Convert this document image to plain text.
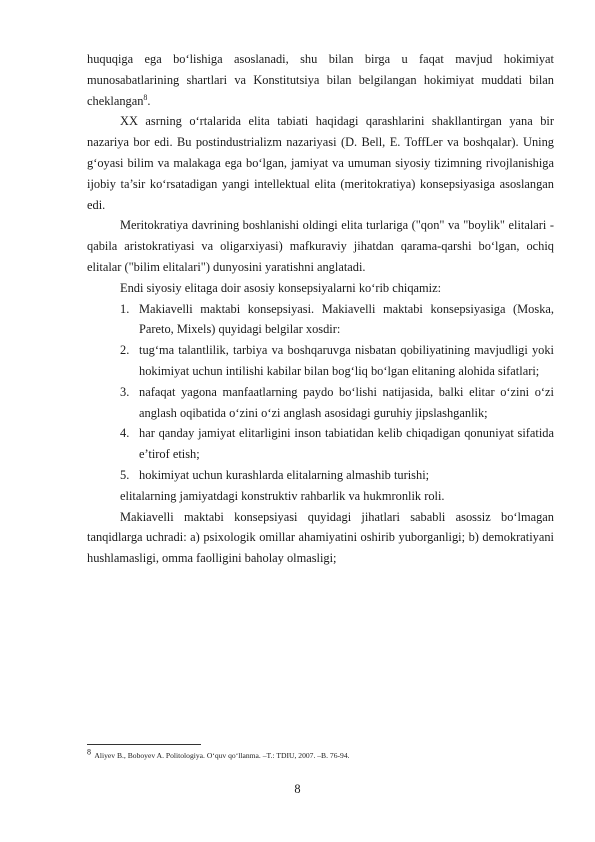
huquqiga ega bo‘lishiga asoslanadi, shu bilan birga u faqat mavjud hokimiyat munosabatlarining shartlari va Konstitutsiya bilan belgilangan hokimiyat muddati bilan cheklangan$^8$.

XX asrning o‘rtalarida elita tabiati haqidagi qarashlarini shakllantirgan yana bir nazariya bor edi. Bu postindustrializm nazariyasi (D. Bell, E. ToffLer va boshqalar). Uning g‘oyasi bilim va malakaga ega bo‘lgan, jamiyat va umuman siyosiy tizimning rivojlanishiga ijobiy ta’sir ko‘rsatadigan yangi intellektual elita (meritokratiya) konsepsiyasiga asoslangan edi.

Meritokratiya davrining boshlanishi oldingi elita turlariga ("qon" va "boylik" elitalari - qabila aristokratiyasi va oligarxiyasi) mafkuraviy jihatdan qarama-qarshi bo‘lgan, ochiq elitalar ("bilim elitalari") dunyosini yaratishni anglatadi.

Endi siyosiy elitaga doir asosiy konsepsiyalarni ko‘rib chiqamiz:

1. Makiavelli maktabi konsepsiyasi. Makiavelli maktabi konsepsiyasiga (Moska, Pareto, Mixels) quyidagi belgilar xosdir:
2. tug‘ma talantlilik, tarbiya va boshqaruvga nisbatan qobiliyatining mavjudligi yoki hokimiyat uchun intilishi kabilar bilan bog‘liq bo‘lgan elitaning alohida sifatlari;
3. nafaqat yagona manfaatlarning paydo bo‘lishi natijasida, balki elitar o‘zini o‘zi anglash oqibatida o‘zini o‘zi anglash asosidagi guruhiy jipslashganlik;
4. har qanday jamiyat elitarligini inson tabiatidan kelib chiqadigan qonuniyat sifatida e’tirof etish;
5. hokimiyat uchun kurashlarda elitalarning almashib turishi;

elitalarning jamiyatdagi konstruktiv rahbarlik va hukmronlik roli.

Makiavelli maktabi konsepsiyasi quyidagi jihatlari sababli asossiz bo‘lmagan tanqidlarga uchradi: a) psixologik omillar ahamiyatini oshirib yuborganligi; b) demokratiyani hushlamasligi, omma faolligini baholay olmasligi;

$^8$ Aliyev B., Boboyev A. Politologiya. O‘quv qo‘llanma. –T.: TDIU, 2007. –B. 76-94.
8
